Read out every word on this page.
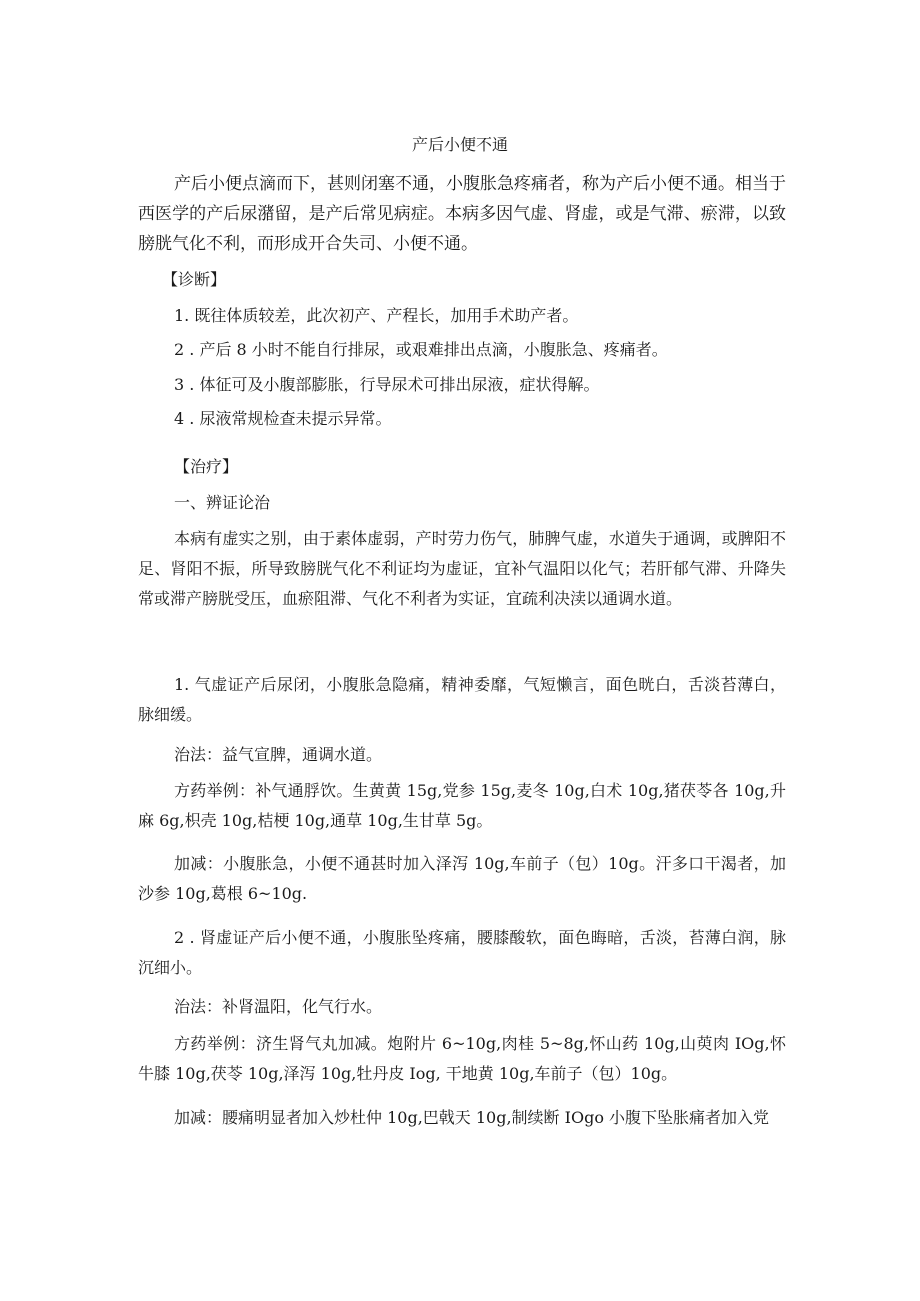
产后小便不通
产后小便点滴而下，甚则闭塞不通，小腹胀急疼痛者，称为产后小便不通。相当于西医学的产后尿潴留，是产后常见病症。本病多因气虚、肾虚，或是气滞、瘀滞，以致膀胱气化不利，而形成开合失司、小便不通。
【诊断】
1. 既往体质较差，此次初产、产程长，加用手术助产者。
2 . 产后 8 小时不能自行排尿，或艰难排出点滴，小腹胀急、疼痛者。
3 . 体征可及小腹部膨胀，行导尿术可排出尿液，症状得解。
4 . 尿液常规检查未提示异常。
【治疗】
一、辨证论治
本病有虚实之别，由于素体虚弱，产时劳力伤气，肺脾气虚，水道失于通调，或脾阳不足、肾阳不振，所导致膀胱气化不利证均为虚证，宜补气温阳以化气；若肝郁气滞、升降失常或滞产膀胱受压，血瘀阻滞、气化不利者为实证，宜疏利决渎以通调水道。
1. 气虚证产后尿闭，小腹胀急隐痛，精神委靡，气短懒言，面色晄白，舌淡苔薄白，脉细缓。
治法：益气宣脾，通调水道。
方药举例：补气通脬饮。生黄黄 15g,党参 15g,麦冬 10g,白术 10g,猪茯苓各 10g,升麻 6g,枳壳 10g,桔梗 10g,通草 10g,生甘草 5g。
加减：小腹胀急，小便不通甚时加入泽泻 10g,车前子（包）10g。汗多口干渴者，加沙参 10g,葛根 6~10g.
2 . 肾虚证产后小便不通，小腹胀坠疼痛，腰膝酸软，面色晦暗，舌淡，苔薄白润，脉沉细小。
治法：补肾温阳，化气行水。
方药举例：济生肾气丸加减。炮附片 6~10g,肉桂 5~8g,怀山药 10g,山萸肉 IOg,怀牛膝 10g,茯苓 10g,泽泻 10g,牡丹皮 Iog, 干地黄 10g,车前子（包）10g。
加减：腰痛明显者加入炒杜仲 10g,巴戟天 10g,制续断 IOgo 小腹下坠胀痛者加入党
